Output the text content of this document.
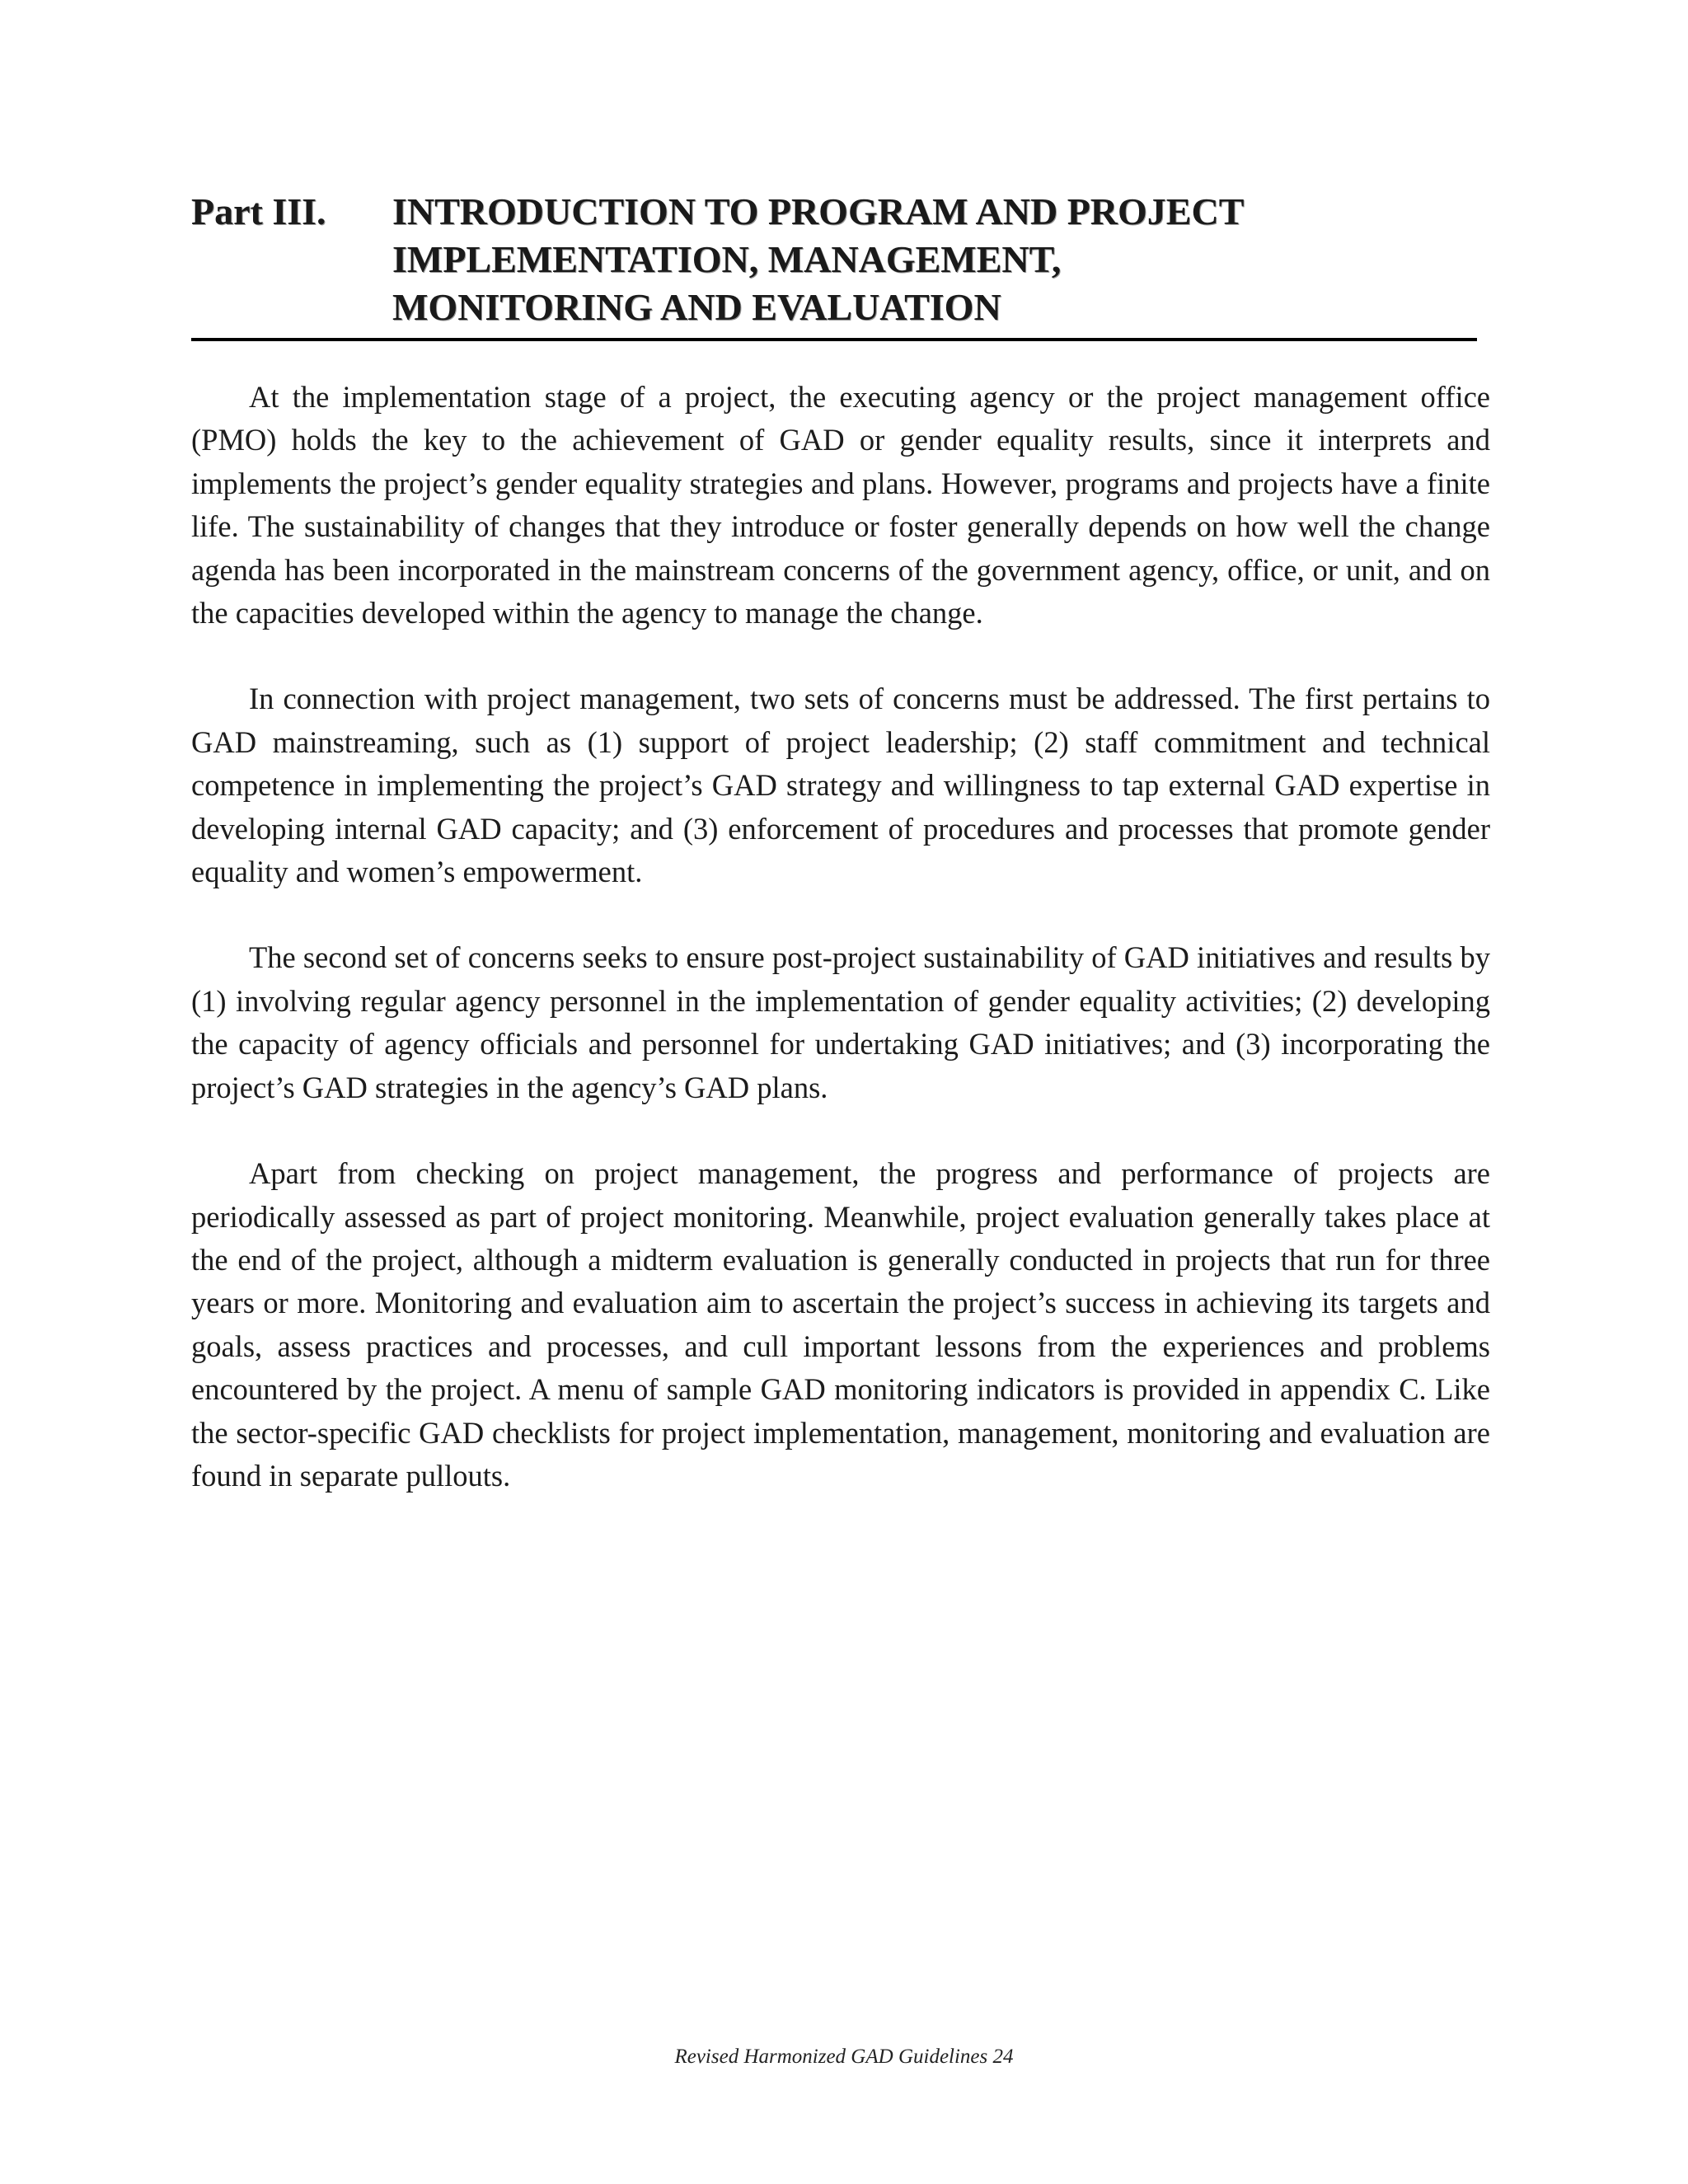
Part III. INTRODUCTION TO PROGRAM AND PROJECT
IMPLEMENTATION, MANAGEMENT,
MONITORING AND EVALUATION

At the implementation stage of a project, the executing agency or the project management office (PMO) holds the key to the achievement of GAD or gender equality results, since it interprets and implements the project’s gender equality strategies and plans. However, programs and projects have a finite life. The sustainability of changes that they introduce or foster generally depends on how well the change agenda has been incorporated in the mainstream concerns of the government agency, office, or unit, and on the capacities developed within the agency to manage the change.

In connection with project management, two sets of concerns must be addressed. The first pertains to GAD mainstreaming, such as (1) support of project leadership; (2) staff commitment and technical competence in implementing the project’s GAD strategy and willingness to tap external GAD expertise in developing internal GAD capacity; and (3) enforcement of procedures and processes that promote gender equality and women’s empowerment.

The second set of concerns seeks to ensure post-project sustainability of GAD initiatives and results by (1) involving regular agency personnel in the implementation of gender equality activities; (2) developing the capacity of agency officials and personnel for undertaking GAD initiatives; and (3) incorporating the project’s GAD strategies in the agency’s GAD plans.

Apart from checking on project management, the progress and performance of projects are periodically assessed as part of project monitoring. Meanwhile, project evaluation generally takes place at the end of the project, although a midterm evaluation is generally conducted in projects that run for three years or more. Monitoring and evaluation aim to ascertain the project’s success in achieving its targets and goals, assess practices and processes, and cull important lessons from the experiences and problems encountered by the project. A menu of sample GAD monitoring indicators is provided in appendix C. Like the sector-specific GAD checklists for project implementation, management, monitoring and evaluation are found in separate pullouts.

Revised Harmonized GAD Guidelines 24
